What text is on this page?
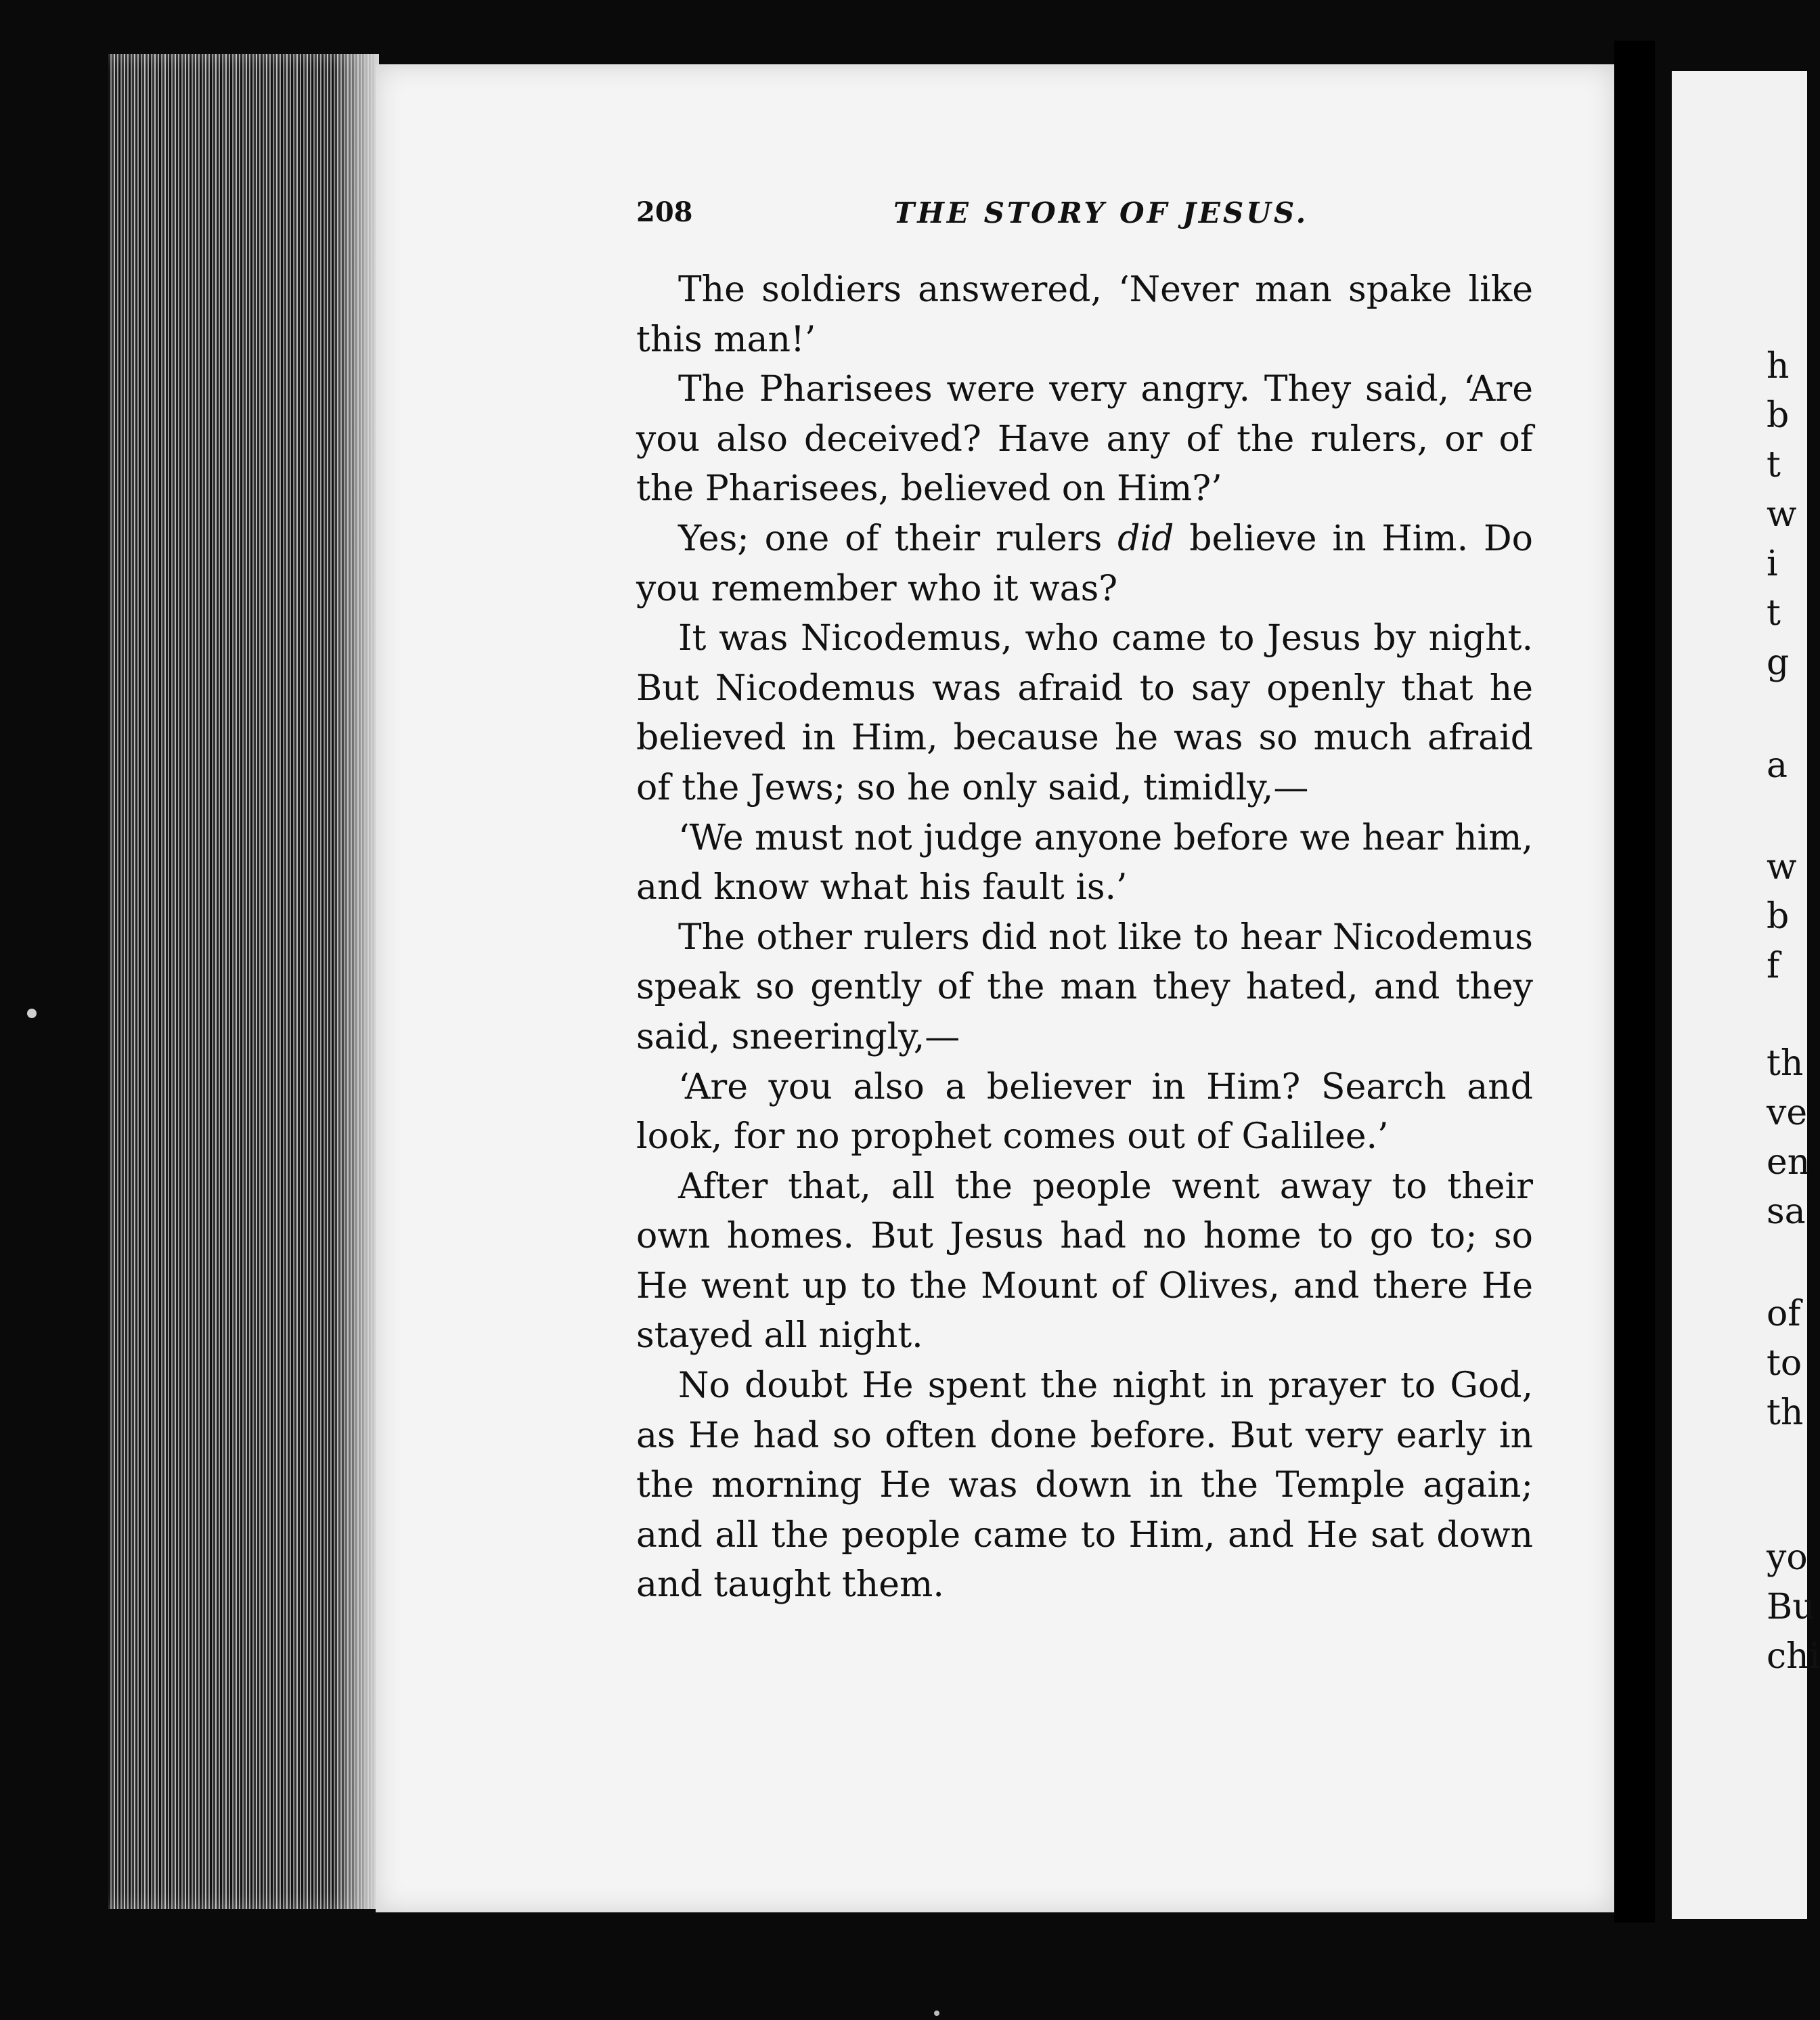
h
b
t
w
i
t
g
a
w
b
f
th
ve
en
sa
of
to
th
yo
Bu
chi
208	THE STORY OF JESUS.

The soldiers answered, ‘Never man spake like this man!’

The Pharisees were very angry. They said, ‘Are you also deceived? Have any of the rulers, or of the Pharisees, believed on Him?’

Yes; one of their rulers did believe in Him. Do you remember who it was?

It was Nicodemus, who came to Jesus by night. But Nicodemus was afraid to say openly that he believed in Him, because he was so much afraid of the Jews; so he only said, timidly,—

‘We must not judge anyone before we hear him, and know what his fault is.’

The other rulers did not like to hear Nicodemus speak so gently of the man they hated, and they said, sneeringly,—

‘Are you also a believer in Him? Search and look, for no prophet comes out of Galilee.’

After that, all the people went away to their own homes. But Jesus had no home to go to; so He went up to the Mount of Olives, and there He stayed all night.

No doubt He spent the night in prayer to God, as He had so often done before. But very early in the morning He was down in the Temple again; and all the people came to Him, and He sat down and taught them.
